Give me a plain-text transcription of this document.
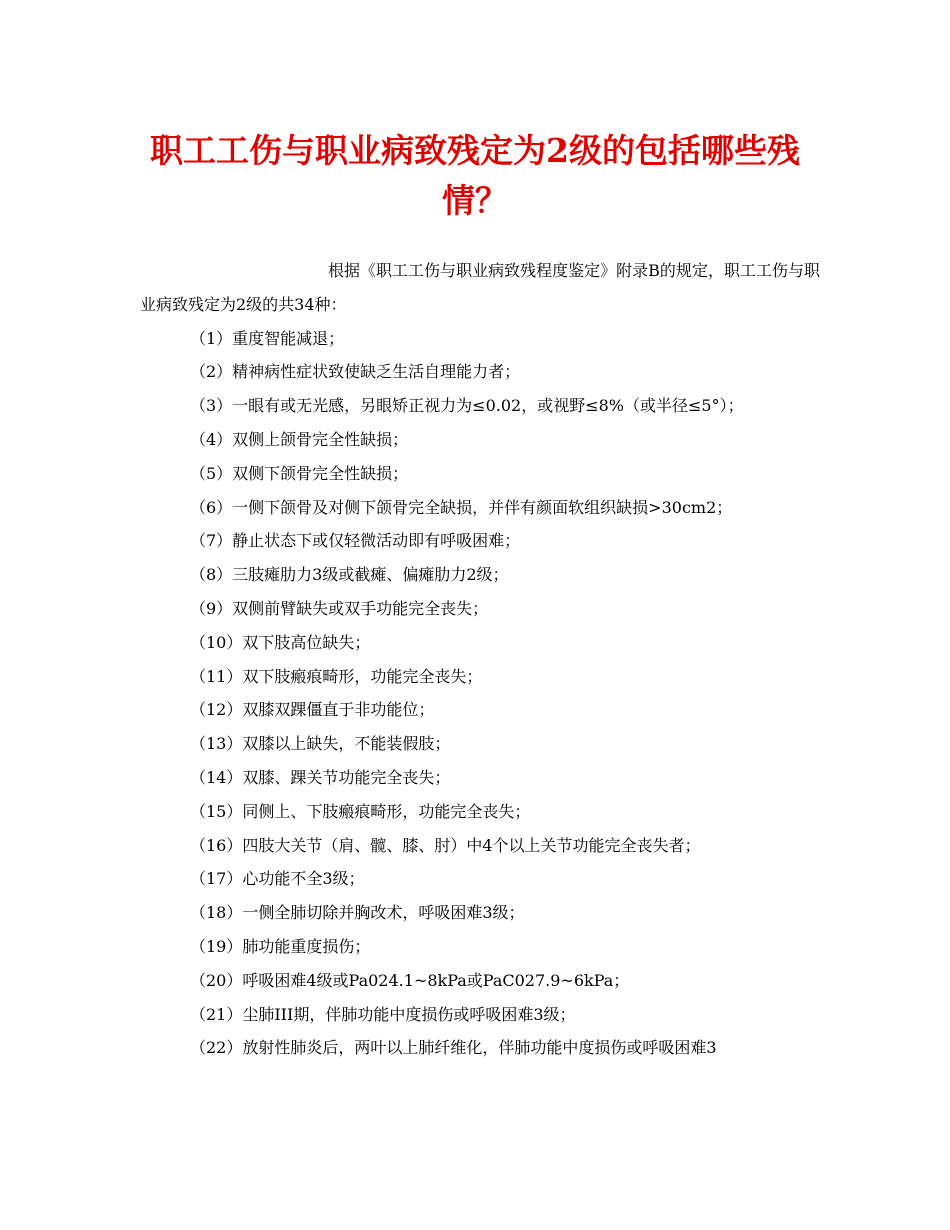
职工工伤与职业病致残定为2级的包括哪些残情？

根据《职工工伤与职业病致残程度鉴定》附录B的规定，职工工伤与职业病致残定为2级的共34种：

（1）重度智能减退；
（2）精神病性症状致使缺乏生活自理能力者；
（3）一眼有或无光感，另眼矫正视力为≤0.02，或视野≤8%（或半径≤5°）；
（4）双侧上颌骨完全性缺损；
（5）双侧下颌骨完全性缺损；
（6）一侧下颌骨及对侧下颌骨完全缺损，并伴有颜面软组织缺损>30cm2；
（7）静止状态下或仅轻微活动即有呼吸困难；
（8）三肢瘫肋力3级或截瘫、偏瘫肋力2级；
（9）双侧前臂缺失或双手功能完全丧失；
（10）双下肢高位缺失；
（11）双下肢瘢痕畸形，功能完全丧失；
（12）双膝双踝僵直于非功能位；
（13）双膝以上缺失，不能装假肢；
（14）双膝、踝关节功能完全丧失；
（15）同侧上、下肢瘢痕畸形，功能完全丧失；
（16）四肢大关节（肩、髋、膝、肘）中4个以上关节功能完全丧失者；
（17）心功能不全3级；
（18）一侧全肺切除并胸改术，呼吸困难3级；
（19）肺功能重度损伤；
（20）呼吸困难4级或Pa024.1~8kPa或PaC027.9~6kPa；
（21）尘肺III期，伴肺功能中度损伤或呼吸困难3级；
（22）放射性肺炎后，两叶以上肺纤维化，伴肺功能中度损伤或呼吸困难3
